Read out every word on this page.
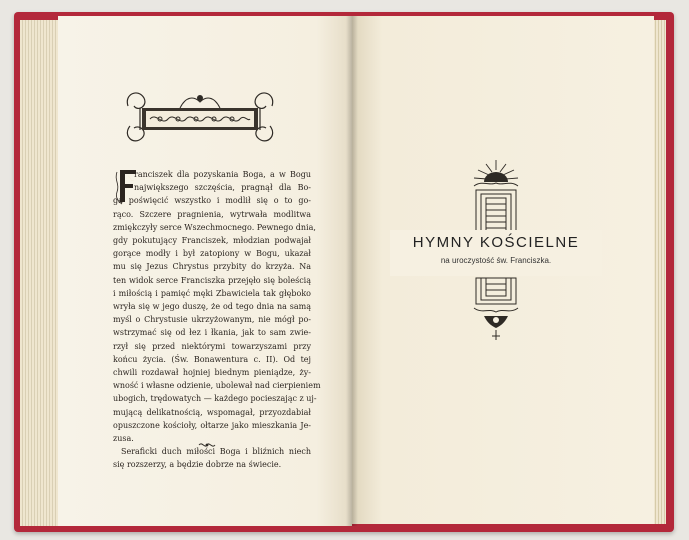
ranciszek dla pozyskania Boga, a w Bogu
największego szczęścia, pragnął dla Bo-
ga poświęcić wszystko i modlił się o to go-
rąco. Szczere pragnienia, wytrwała modlitwa
zmiękczyły serce Wszechmocnego. Pewnego dnia,
gdy pokutujący Franciszek, młodzian podwajał
gorące modły i był zatopiony w Bogu, ukazał
mu się Jezus Chrystus przybity do krzyża. Na
ten widok serce Franciszka przejęło się boleścią
i miłością i pamięć męki Zbawiciela tak głęboko
wryła się w jego duszę, że od tego dnia na samą
myśl o Chrystusie ukrzyżowanym, nie mógł po-
wstrzymać się od łez i łkania, jak to sam zwie-
rzył się przed niektórymi towarzyszami przy
końcu życia. (Św. Bonawentura c. II). Od tej
chwili rozdawał hojniej biednym pieniądze, ży-
wność i własne odzienie, ubolewał nad cierpieniem
ubogich, trędowatych — każdego pocieszając z uj-
mującą delikatnością, wspomagał, przyozdabiał
opuszczone kościoły, ołtarze jako mieszkania Je-
zusa.
Seraficki duch miłości Boga i bliźnich niech
się rozszerzy, a będzie dobrze na świecie.

HYMNY KOŚCIELNE

na uroczystość św. Franciszka.
